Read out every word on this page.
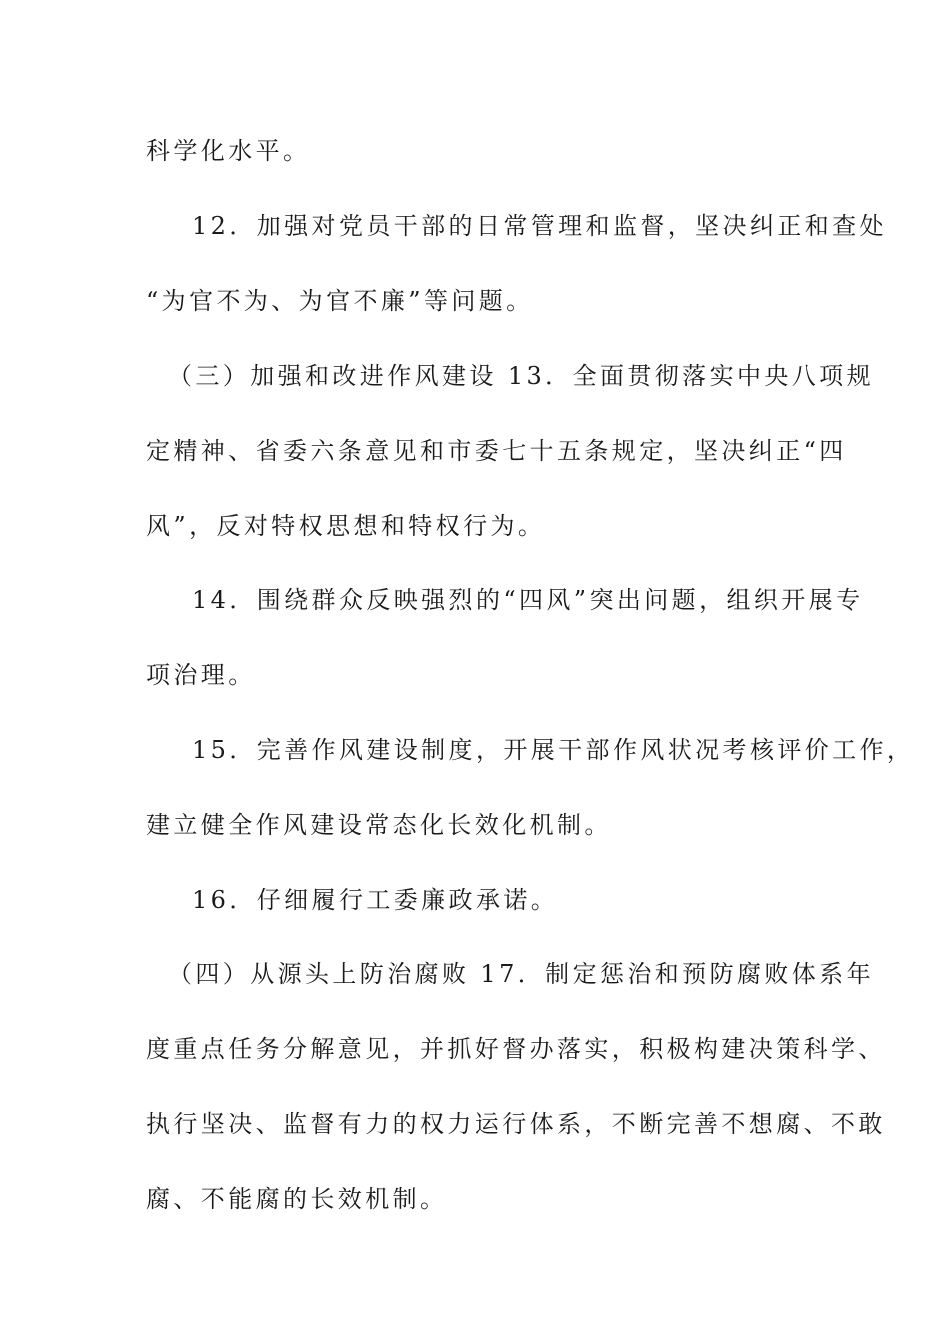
科学化水平。
12．加强对党员干部的日常管理和监督，坚决纠正和查处
“为官不为、为官不廉”等问题。
（三）加强和改进作风建设 13．全面贯彻落实中央八项规
定精神、省委六条意见和市委七十五条规定，坚决纠正“四
风”，反对特权思想和特权行为。
14．围绕群众反映强烈的“四风”突出问题，组织开展专
项治理。
15．完善作风建设制度，开展干部作风状况考核评价工作，
建立健全作风建设常态化长效化机制。
16．仔细履行工委廉政承诺。
（四）从源头上防治腐败 17．制定惩治和预防腐败体系年
度重点任务分解意见，并抓好督办落实，积极构建决策科学、
执行坚决、监督有力的权力运行体系，不断完善不想腐、不敢
腐、不能腐的长效机制。
